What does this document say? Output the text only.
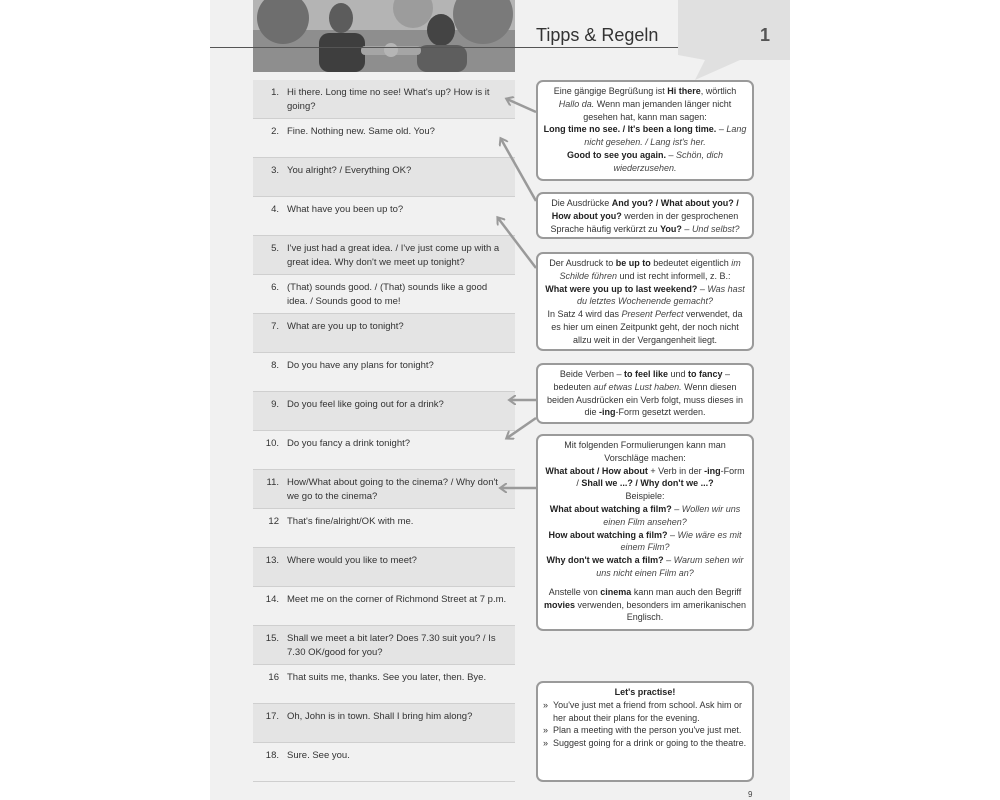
Tipps & Regeln	1
1. Hi there. Long time no see! What's up? How is it going?
2. Fine. Nothing new. Same old. You?
3. You alright? / Everything OK?
4. What have you been up to?
5. I've just had a great idea. / I've just come up with a great idea. Why don't we meet up tonight?
6. (That) sounds good. / (That) sounds like a good idea. / Sounds good to me!
7. What are you up to tonight?
8. Do you have any plans for tonight?
9. Do you feel like going out for a drink?
10. Do you fancy a drink tonight?
11. How/What about going to the cinema? / Why don't we go to the cinema?
12 That's fine/alright/OK with me.
13. Where would you like to meet?
14. Meet me on the corner of Richmond Street at 7 p.m.
15. Shall we meet a bit later? Does 7.30 suit you? / Is 7.30 OK/good for you?
16 That suits me, thanks. See you later, then. Bye.
17. Oh, John is in town. Shall I bring him along?
18. Sure. See you.

Eine gängige Begrüßung ist Hi there, wörtlich Hallo da. Wenn man jemanden länger nicht gesehen hat, kann man sagen:

Long time no see. / It's been a long time. – Lang nicht gesehen. / Lang ist's her.

Good to see you again. – Schön, dich wiederzusehen.

Die Ausdrücke And you? / What about you? / How about you? werden in der gesprochenen Sprache häufig verkürzt zu You? – Und selbst?

Der Ausdruck to be up to bedeutet eigentlich im Schilde führen und ist recht informell, z. B.:

What were you up to last weekend? – Was hast du letztes Wochenende gemacht?

In Satz 4 wird das Present Perfect verwendet, da es hier um einen Zeitpunkt geht, der noch nicht allzu weit in der Vergangenheit liegt.

Beide Verben – to feel like und to fancy – bedeuten auf etwas Lust haben. Wenn diesen beiden Ausdrücken ein Verb folgt, muss dieses in die -ing-Form gesetzt werden.

Mit folgenden Formulierungen kann man Vorschläge machen:

What about / How about + Verb in der -ing-Form / Shall we ...? / Why don't we ...?

Beispiele:

What about watching a film? – Wollen wir uns einen Film ansehen?

How about watching a film? – Wie wäre es mit einem Film?

Why don't we watch a film? – Warum sehen wir uns nicht einen Film an?

Anstelle von cinema kann man auch den Begriff movies verwenden, besonders im amerikanischen Englisch.

Let's practise!

» You've just met a friend from school. Ask him or her about their plans for the evening.
» Plan a meeting with the person you've just met.
» Suggest going for a drink or going to the theatre.
9
